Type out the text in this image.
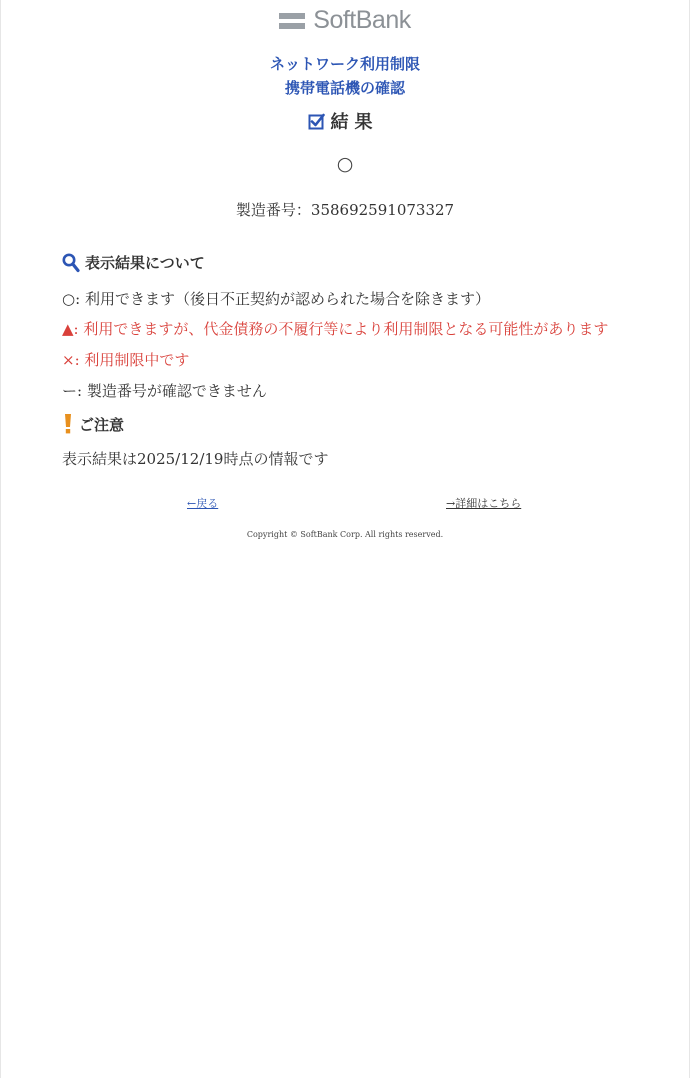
SoftBank
ネットワーク利用制限
携帯電話機の確認
結果
○
製造番号：358692591073327
表示結果について
○: 利用できます（後日不正契約が認められた場合を除きます）
▲: 利用できますが、代金債務の不履行等により利用制限となる可能性があります
×: 利用制限中です
ー: 製造番号が確認できません
ご注意
表示結果は2025/12/19時点の情報です
←戻る	→詳細はこちら
Copyright © SoftBank Corp. All rights reserved.
